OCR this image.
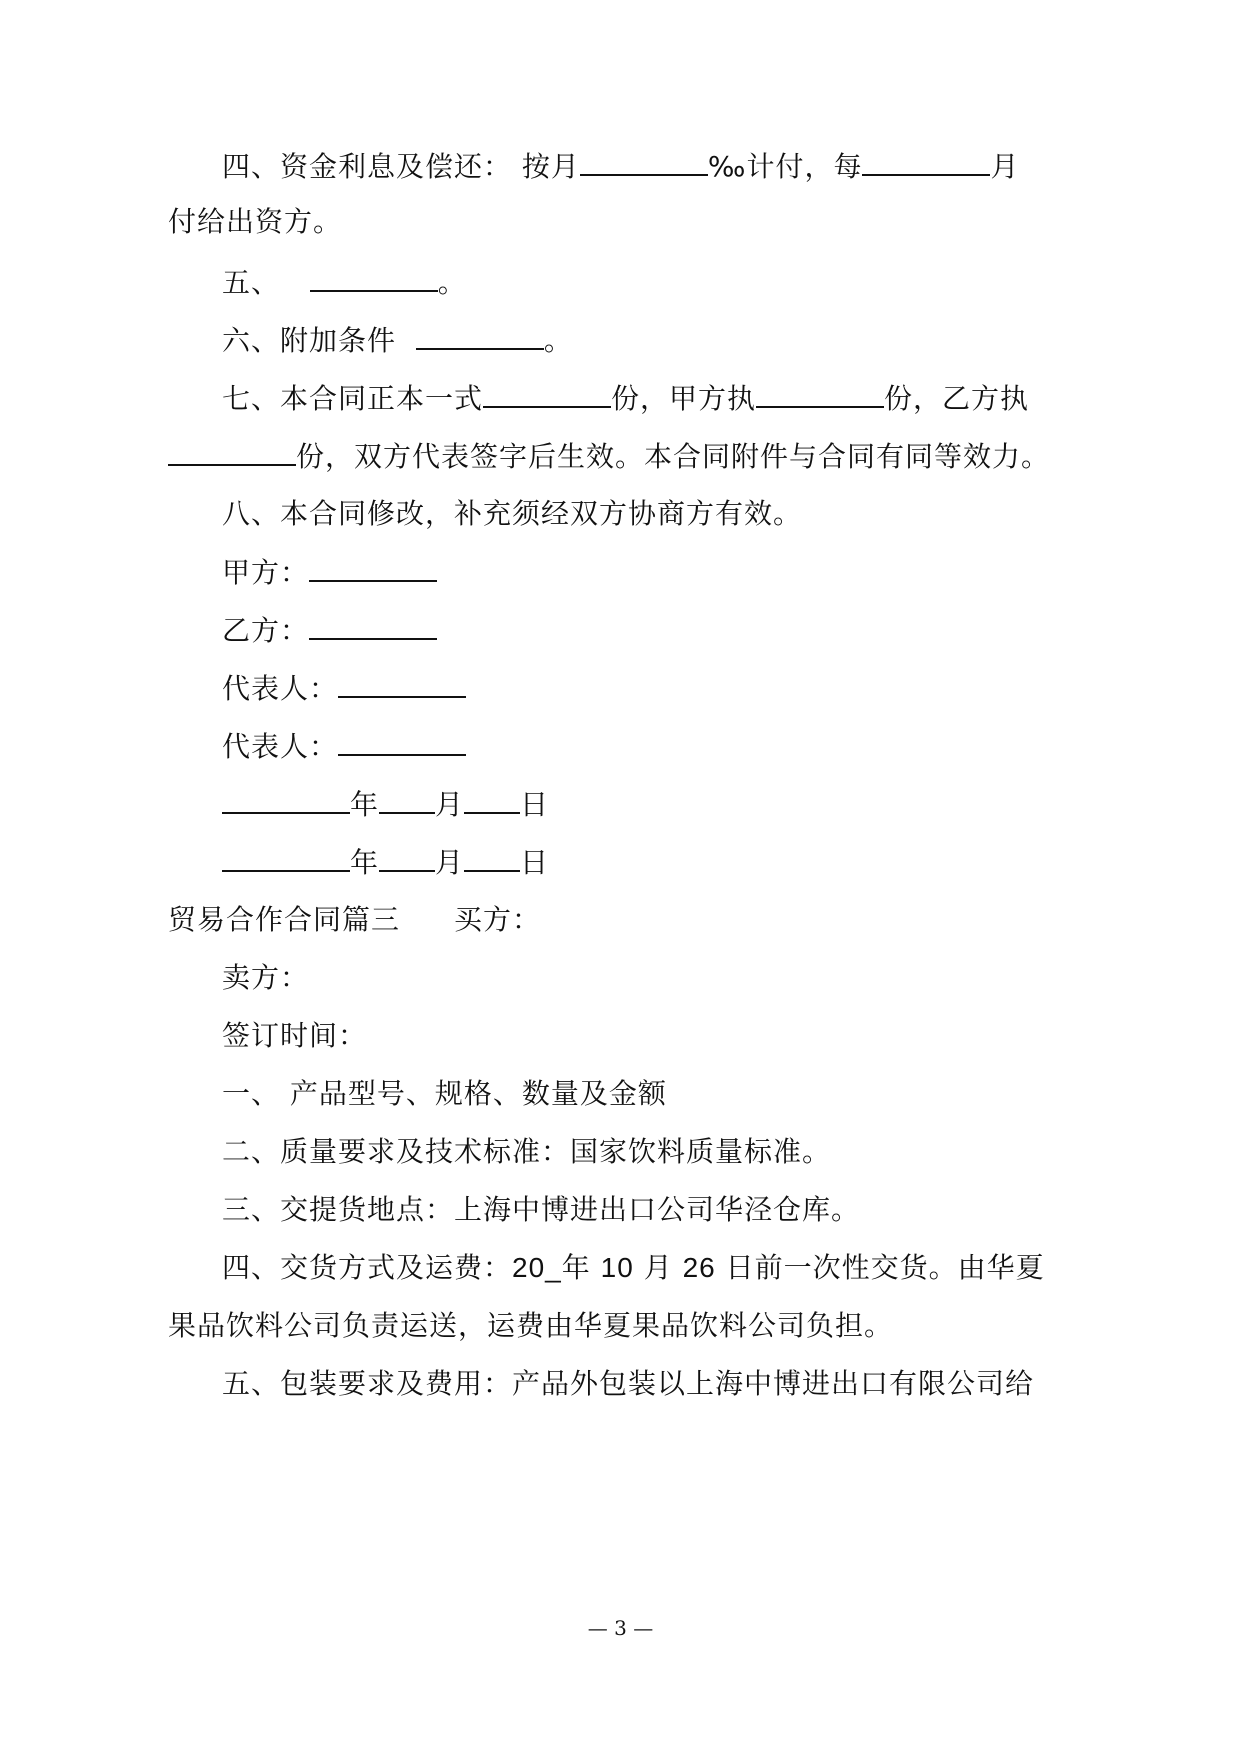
四、资金利息及偿还： 按月	‰计付，每	月
付给出资方。
五、	。
六、附加条件	。
七、本合同正本一式	份，甲方执	份，乙方执
份，双方代表签字后生效。本合同附件与合同有同等效力。
八、本合同修改，补充须经双方协商方有效。
甲方：
乙方：
代表人：
代表人：
年 月 日
年 月 日
贸易合作合同篇三 买方：
卖方：
签订时间：
一、 产品型号、规格、数量及金额
二、质量要求及技术标准：国家饮料质量标准。
三、交提货地点：上海中博进出口公司华泾仓库。
四、交货方式及运费：20_年 10 月 26 日前一次性交货。由华夏
果品饮料公司负责运送，运费由华夏果品饮料公司负担。
五、包装要求及费用：产品外包装以上海中博进出口有限公司给
— 3 —
